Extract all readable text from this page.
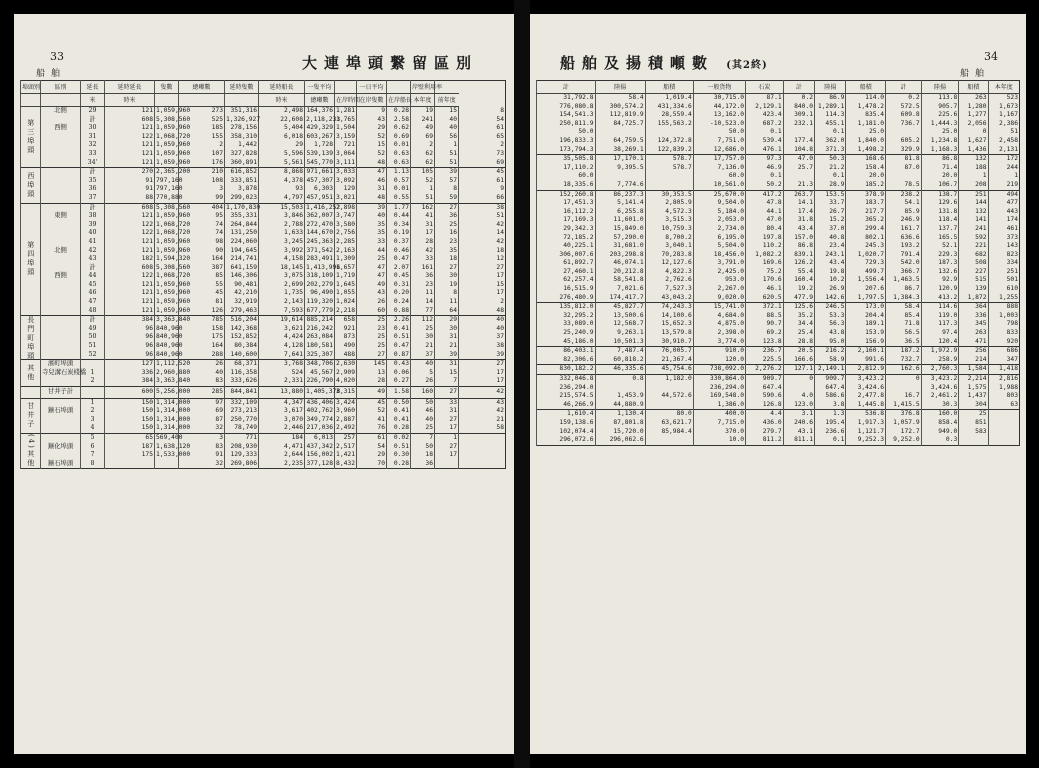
33
船舶
大連埠頭繋留區別
埠頭別	區別	延長	延時延長	隻數	總噸數	延時隻數	延時船長	一隻平均		一日平均		岸壁利用率		
		米	時米				時米	總噸數	在岸時間	在岸隻數	在岸船長	本年度	前年度	
第三埠頭	北側	29	121	1,059,960	273	351,316	2,498	164,376	1,281	9	0.28	19	15	8
		計	608	5,308,560	525	1,326,927	22,608	2,118,233	1,765	43	2.58	241	40	54
	西側	30	121	1,059,960	185	278,156	5,404	429,329	1,504	29	0.62	49	40	61
		31	122	1,068,720	155	358,310	6,018	603,267	3,159	52	0.69	69	56	65
		32	121	1,059,960	2	1,442	29	1,728	721	15	0.01	2	1	2
		33	121	1,059,960	107	327,828	5,596	539,139	3,064	52	0.63	62	51	73
		34'	121	1,059,960	176	360,891	5,561	545,770	3,111	48	0.63	62	51	69
西埠頭		計	270	2,365,200	210	616,852	8,868	971,661	3,033	47	1.13	105	39	45
		35	91	797,160	108	333,851	4,378	457,307	3,092	46	0.57	52	57	61
		36	91	797,160	3	3,878	93	6,303	129	31	0.01	1	8	9
		37	88	770,880	99	299,023	4,797	457,951	3,021	48	0.55	51	59	66
第四埠頭		計	608	5,308,560	404	1,170,830	15,503	1,416,252	2,898	39	1.77	162	27	38
	東側	38	121	1,059,960	95	355,331	3,846	362,007	3,747	40	0.44	41	36	51
		39	122	1,068,720	74	264,844	2,788	272,470	3,580	35	0.34	31	25	42
		40	122	1,068,720	74	131,250	1,633	144,670	2,756	35	0.19	17	16	14
		41	121	1,059,960	98	224,060	3,245	245,363	2,285	33	0.37	28	23	42
	北側	42	121	1,059,960	90	194,645	3,992	371,542	2,163	44	0.46	42	35	18
		43	182	1,594,320	164	214,741	4,158	283,491	1,309	25	0.47	33	18	12
		計	608	5,308,560	387	641,159	18,145	1,413,996	1,657	47	2.07	161	27	27
	西側	44	122	1,068,720	85	146,306	3,075	318,109	1,719	47	0.45	36	30	17
		45	121	1,059,960	55	90,481	2,699	202,279	1,645	49	0.31	23	19	15
		46	121	1,059,960	45	42,210	1,735	96,490	1,055	43	0.20	11	8	17
		47	121	1,059,960	81	32,919	2,143	119,320	1,024	26	0.24	14	11	2
		48	121	1,059,960	126	279,463	7,593	677,779	2,218	60	0.88	77	64	48
長門町埠頭		計	384	3,363,840	785	516,204	19,614	885,214	658	25	2.26	112	29	40
		49	96	840,960	158	142,368	3,621	216,242	921	23	0.41	25	30	40
		50	96	840,960	175	152,852	4,424	263,084	873	25	0.51	30	31	37
		51	96	840,960	164	80,384	4,128	180,581	490	25	0.47	21	21	38
		52	96	840,960	288	140,600	7,641	325,307	488	27	0.87	37	39	39
其他	濱町埠頭		127	1,112,520	26	68,371	3,768	348,706	2,630	145	0.43	40	31	27
	寺兒溝石炭棧橋	1	336	2,960,880	40	116,358	524	45,567	2,909	13	0.06	5	15	17
		2	384	3,363,840	83	333,626	2,331	226,790	4,020	28	0.27	26	7	17
	甘井子計		600	5,256,000	285	844,841	13,880	1,405,378	3,315	49	1.58	160	27	42
甘井子		1	150	1,314,000	97	332,109	4,347	436,406	3,424	45	0.50	50	33	43
	鑛石埠頭	2	150	1,314,000	69	273,213	3,617	402,762	3,960	52	0.41	46	31	42
		3	150	1,314,000	87	250,770	3,070	349,774	2,887	41	0.41	40	27	21
		4	150	1,314,000	32	78,749	2,446	217,036	2,492	76	0.28	25	17	58
(4)其他		5	65	569,400	3	771	184	6,013	257	61	0.02	7	1	
	鑛化埠頭	6	187	1,638,120	83	208,930	4,471	437,342	2,517	54	0.51	50	27	
		7	175	1,533,000	91	129,333	2,644	156,002	1,421	29	0.30	18	17	
	鑛石埠頭	8			32	269,806	2,235	377,128	8,432	70	0.28	36		
34
船舶
船舶及揚積噸數 (其2終)
計	陸揚	船積	一般貨物	石炭	計	陸揚	船積	計	陸揚	船積	本年度
31,792.8	58.4	1,019.4	30,715.0	87.1	0.2	86.9	114.0	0.2	113.8	263	523
776,080.8	300,574.2	431,334.6	44,172.0	2,129.1	840.0	1,289.1	1,478.2	572.5	905.7	1,280	1,673
154,541.3	112,819.9	28,559.4	13,162.0	423.4	309.1	114.3	835.4	609.8	225.6	1,277	1,167
250,811.9	84,725.7	155,563.2	-10,523.0	687.2	232.1	455.1	1,181.0	736.7	1,444.3	2,056	2,386
50.0			50.0	0.1		0.1	25.0		25.0	0	51
196,833.3	64,759.5	124,372.8	7,751.0	539.4	177.4	362.0	1,840.0	605.2	1,234.8	1,627	2,458
173,794.3	38,269.1	122,839.2	12,686.0	476.1	104.8	371.3	1,498.2	329.9	1,168.3	1,436	2,131
35,505.8	17,170.1	578.7	17,757.0	97.3	47.0	50.3	168.6	81.8	86.8	132	172
17,110.2	9,395.5	578.7	7,136.0	46.9	25.7	21.2	158.4	87.0	71.4	188	244
60.0			60.0	0.1		0.1	20.0		20.0	1	1
18,335.6	7,774.6		10,561.0	50.2	21.3	28.9	185.2	78.5	106.7	208	219
152,260.8	86,237.3	30,353.5	25,670.0	417.2	263.7	153.5	378.9	238.2	138.7	251	494
17,451.3	5,141.4	2,805.9	9,504.0	47.8	14.1	33.7	183.7	54.1	129.6	144	477
16,112.2	6,255.8	4,572.3	5,184.0	44.1	17.4	26.7	217.7	85.9	131.8	132	443
17,169.3	11,601.0	3,515.3	2,053.0	47.0	31.8	15.2	365.2	246.9	118.4	141	174
29,342.3	15,849.0	10,759.3	2,734.0	80.4	43.4	37.0	299.4	161.7	137.7	241	461
72,185.2	57,290.0	8,700.2	6,195.0	197.8	157.0	40.8	802.1	636.6	165.5	592	373
40,225.1	31,681.0	3,040.1	5,504.0	110.2	86.8	23.4	245.3	193.2	52.1	221	143
306,007.6	203,298.8	70,283.8	18,456.0	1,082.2	839.1	243.1	1,020.7	791.4	229.3	682	823
61,892.7	46,074.1	12,127.6	3,791.0	169.6	126.2	43.4	729.3	542.0	187.3	508	334
27,460.1	20,212.8	4,822.3	2,425.0	75.2	55.4	19.8	499.7	366.7	132.6	227	251
62,257.4	58,541.8	2,762.6	953.0	170.6	160.4	10.2	1,556.4	1,463.5	92.9	515	501
16,515.9	7,021.6	7,527.3	2,267.0	46.1	19.2	26.9	207.6	86.7	120.9	139	610
276,480.9	174,417.7	43,043.2	9,020.0	620.5	477.9	142.6	1,797.5	1,384.3	413.2	1,872	1,255
135,812.0	45,827.7	74,243.3	15,741.0	372.1	125.6	246.5	173.0	58.4	114.6	364	888
32,295.2	13,500.6	14,100.6	4,684.0	88.5	35.2	53.3	204.4	85.4	119.0	336	1,003
33,089.0	12,568.7	15,652.3	4,875.0	90.7	34.4	56.3	189.1	71.8	117.3	345	798
25,240.9	9,263.1	13,579.8	2,398.0	69.2	25.4	43.8	153.9	56.5	97.4	263	833
45,186.0	10,501.3	30,910.7	3,774.0	123.8	28.8	95.0	156.9	36.5	120.4	471	920
86,403.1	7,487.4	76,005.7	910.0	236.7	20.5	216.2	2,160.1	187.2	1,972.9	256	686
82,306.6	60,818.2	21,367.4	120.0	225.5	166.6	58.9	991.6	732.7	258.9	214	347
830,182.2	46,335.6	45,754.6	738,092.0	2,276.2	127.1	2,149.1	2,812.9	162.6	2,760.3	1,584	1,418
332,046.8	0.8	1,182.0	330,864.0	909.7	0	909.7	3,423.2	0	3,423.2	2,214	2,816
236,294.0			236,294.0	647.4		647.4	3,424.6		3,424.6	1,575	1,988
215,574.5	1,453.9	44,572.6	169,548.0	590.6	4.0	586.6	2,477.8	16.7	2,461.2	1,437	803
46,266.9	44,880.9		1,386.0	126.8	123.0	3.8	1,445.8	1,415.5	30.3	304	63
1,610.4	1,130.4	80.0	400.0	4.4	3.1	1.3	536.8	376.8	160.0	25	
159,138.6	87,801.8	63,621.7	7,715.0	436.0	240.6	195.4	1,917.3	1,057.9	858.4	851	
102,074.4	15,720.0	85,984.4	370.0	279.7	43.1	236.6	1,121.7	172.7	949.0	583	
296,072.6	296,062.6		10.0	811.2	811.1	0.1	9,252.3	9,252.0	0.3		
